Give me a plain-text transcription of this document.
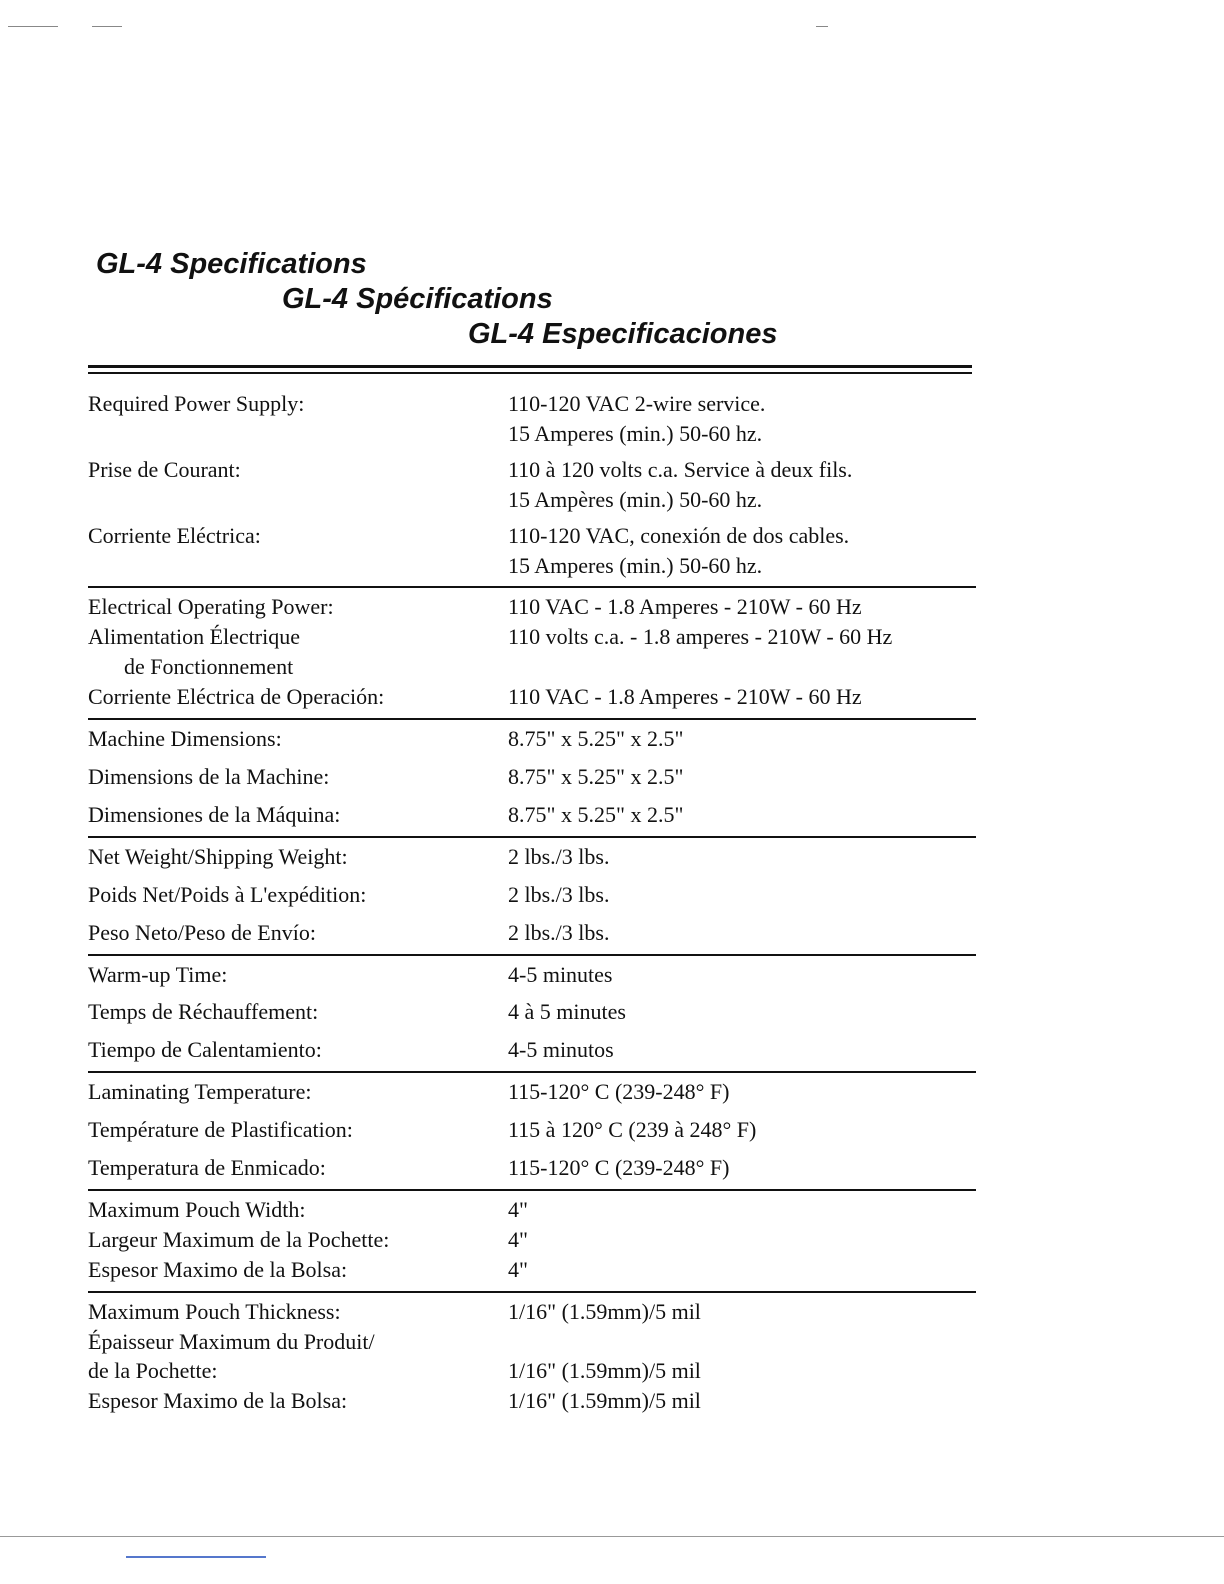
GL-4 Specifications
GL-4 Spécifications
GL-4 Especificaciones
Required Power Supply:	110-120 VAC 2-wire service.
15 Amperes (min.) 50-60 hz.
Prise de Courant:	110 à 120 volts c.a. Service à deux fils.
15 Ampères (min.) 50-60 hz.
Corriente Eléctrica:	110-120 VAC, conexión de dos cables.
15 Amperes (min.) 50-60 hz.
Electrical Operating Power:	110 VAC - 1.8 Amperes - 210W - 60 Hz
Alimentation Électrique	110 volts c.a. - 1.8 amperes - 210W - 60 Hz
de Fonctionnement
Corriente Eléctrica de Operación:	110 VAC - 1.8 Amperes - 210W - 60 Hz
Machine Dimensions:	8.75" x 5.25" x 2.5"
Dimensions de la Machine:	8.75" x 5.25" x 2.5"
Dimensiones de la Máquina:	8.75" x 5.25" x 2.5"
Net Weight/Shipping Weight:	2 lbs./3 lbs.
Poids Net/Poids à L'expédition:	2 lbs./3 lbs.
Peso Neto/Peso de Envío:	2 lbs./3 lbs.
Warm-up Time:	4-5 minutes
Temps de Réchauffement:	4 à 5 minutes
Tiempo de Calentamiento:	4-5 minutos
Laminating Temperature:	115-120° C (239-248° F)
Température de Plastification:	115 à 120° C (239 à 248° F)
Temperatura de Enmicado:	115-120° C (239-248° F)
Maximum Pouch Width:	4"
Largeur Maximum de la Pochette:	4"
Espesor Maximo de la Bolsa:	4"
Maximum Pouch Thickness:	1/16" (1.59mm)/5 mil
Épaisseur Maximum du Produit/
de la Pochette:	1/16" (1.59mm)/5 mil
Espesor Maximo de la Bolsa:	1/16" (1.59mm)/5 mil
